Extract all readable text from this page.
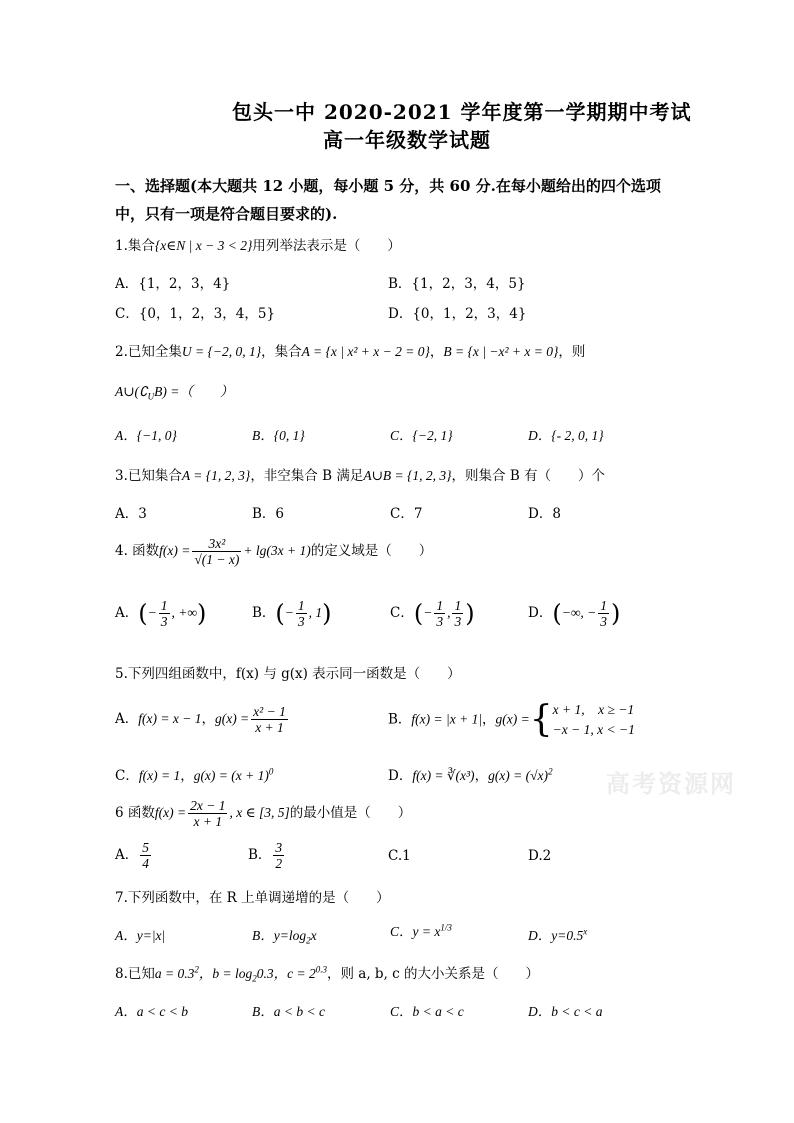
包头一中 2020-2021 学年度第一学期期中考试
高一年级数学试题
一、选择题(本大题共 12 小题，每小题 5 分，共 60 分.在每小题给出的四个选项
中，只有一项是符合题目要求的).
1.集合{x∈N | x − 3 < 2}用列举法表示是（　　）
A．{1，2，3，4}	B．{1，2，3，4，5}
C．{0，1，2，3，4，5}	D．{0，1，2，3，4}
2.已知全集U = {−2, 0, 1}，集合A = {x | x² + x − 2 = 0}，B = {x | −x² + x = 0}，则
$A\cup(∁_UB)$ =（　　）
A．{−1, 0}	B．{0, 1}	C．{−2, 1}	D．{- 2, 0, 1}
3.已知集合A = {1, 2, 3}，非空集合 B 满足A∪B = {1, 2, 3}，则集合 B 有（　　）个
A．3	B．6	C．7	D．8
4. 函数$f(x) = \frac{\text{3x²}}{√(1 - x)} + \lg(3x + 1)$的定义域是（　　）
A．(− $\frac{1}{3}$ , +∞)	B．(− $\frac{1}{3}$ , 1)	C．(− $\frac{1}{3}$ , $\frac{1}{3}$ )	D．(−∞, − $\frac{1}{3}$ )
5.下列四组函数中，f(x) 与 g(x) 表示同一函数是（　　）
A．f(x) = x − 1，$g(x) = \frac{\text{x² − 1}}{x + 1}$	B．f(x) = |x + 1|，g(x) ={ x + 1,　x ≥ −1
−x − 1, x < −1
C．f(x) = 1，$g(x) = (x + 1)^0$	D．f(x) = ∛(x³)，$g(x) = (√x)^2$ 高考资源网
6 函数$f(x) = \frac{2x - 1}{x + 1}$ , x ∈ [3, 5]的最小值是（　　）
A． $\frac{5}{4}$	B． $\frac{3}{2}$	C.1	D.2
7.下列函数中，在 R 上单调递增的是（　　）
A．y=|x|	B．$y=\log_2x$	C．$y = x^{1/3}$
D．$y=0.5^x$
8.已知$a = 0.3^2$，$b = \log_20.3$，$c = 2^{0.3}$，则 a, b, c 的大小关系是（　　）
A．a < c < b	B．a < b < c	C．b < a < c	D．b < c < a
